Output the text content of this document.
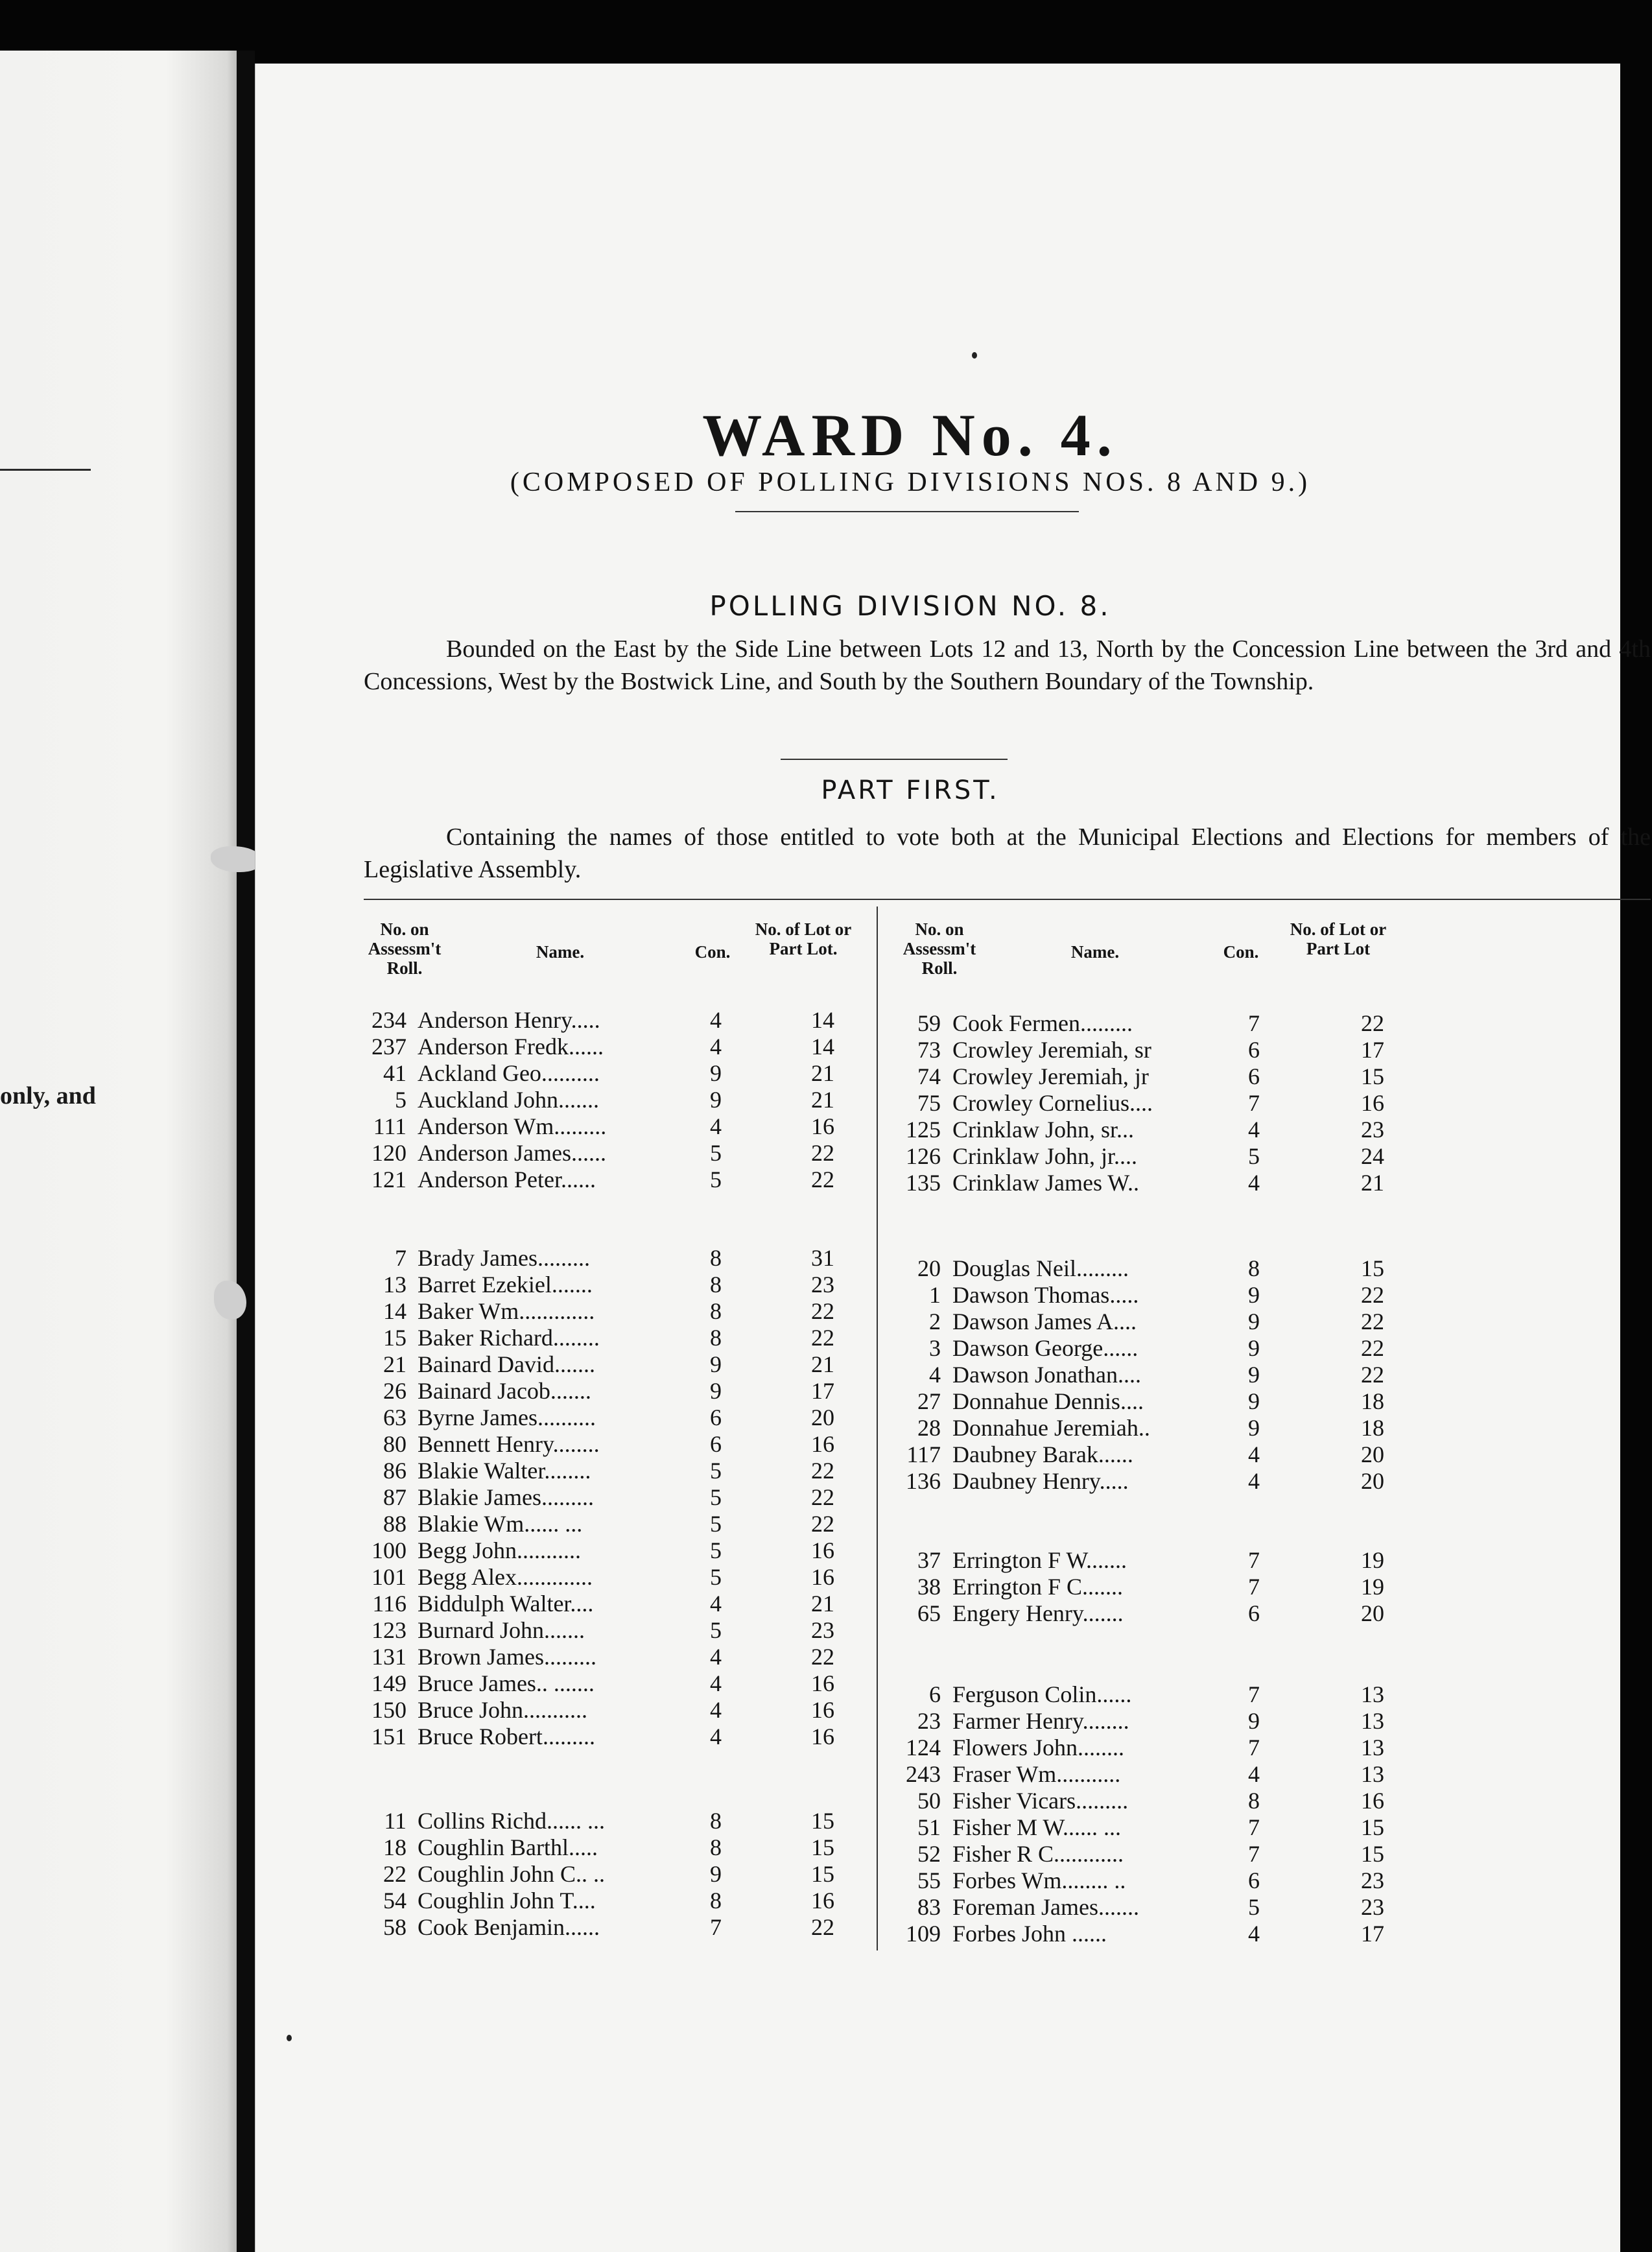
only, and
WARD No. 4.
(COMPOSED OF POLLING DIVISIONS NOS. 8 AND 9.)
POLLING DIVISION NO. 8.
Bounded on the East by the Side Line between Lots 12 and 13, North by the Concession Line between the 3rd and 4th Concessions, West by the Bostwick Line, and South by the Southern Boundary of the Township.
PART FIRST.
Containing the names of those entitled to vote both at the Municipal Elections and Elections for members of the Legislative Assembly.
No. on Assessm't Roll.
Name.	Con.
No. of Lot or Part Lot.
No. on Assessm't Roll.
Name.	Con.
No. of Lot or Part Lot
234 Anderson Henry.....	4	14
237 Anderson Fredk......	4	14
41 Ackland Geo..........	9	21
5 Auckland John.......	9	21
111 Anderson Wm.........	4	16
120 Anderson James......	5	22
121 Anderson Peter......	5	22
7 Brady James.........	8	31
13 Barret Ezekiel.......	8	23
14 Baker Wm.............	8	22
15 Baker Richard........	8	22
21 Bainard David.......	9	21
26 Bainard Jacob.......	9	17
63 Byrne James..........	6	20
80 Bennett Henry........	6	16
86 Blakie Walter........	5	22
87 Blakie James.........	5	22
88 Blakie Wm...... ...	5	22
100 Begg John...........	5	16
101 Begg Alex.............	5	16
116 Biddulph Walter....	4	21
123 Burnard John.......	5	23
131 Brown James.........	4	22
149 Bruce James.. .......	4	16
150 Bruce John...........	4	16
151 Bruce Robert.........	4	16
11 Collins Richd...... ...	8	15
18 Coughlin Barthl.....	8	15
22 Coughlin John C.. ..	9	15
54 Coughlin John T....	8	16
58 Cook Benjamin......	7	22
59 Cook Fermen.........	7	22
73 Crowley Jeremiah, sr	6	17
74 Crowley Jeremiah, jr	6	15
75 Crowley Cornelius....	7	16
125 Crinklaw John, sr...	4	23
126 Crinklaw John, jr....	5	24
135 Crinklaw James W..	4	21
20 Douglas Neil.........	8	15
1 Dawson Thomas.....	9	22
2 Dawson James A....	9	22
3 Dawson George......	9	22
4 Dawson Jonathan....	9	22
27 Donnahue Dennis....	9	18
28 Donnahue Jeremiah..	9	18
117 Daubney Barak......	4	20
136 Daubney Henry.....	4	20
37 Errington F W.......	7	19
38 Errington F C.......	7	19
65 Engery Henry.......	6	20
6 Ferguson Colin......	7	13
23 Farmer Henry........	9	13
124 Flowers John........	7	13
243 Fraser Wm...........	4	13
50 Fisher Vicars.........	8	16
51 Fisher M W...... ...	7	15
52 Fisher R C............	7	15
55 Forbes Wm........ ..	6	23
83 Foreman James.......	5	23
109 Forbes John ......	4	17
